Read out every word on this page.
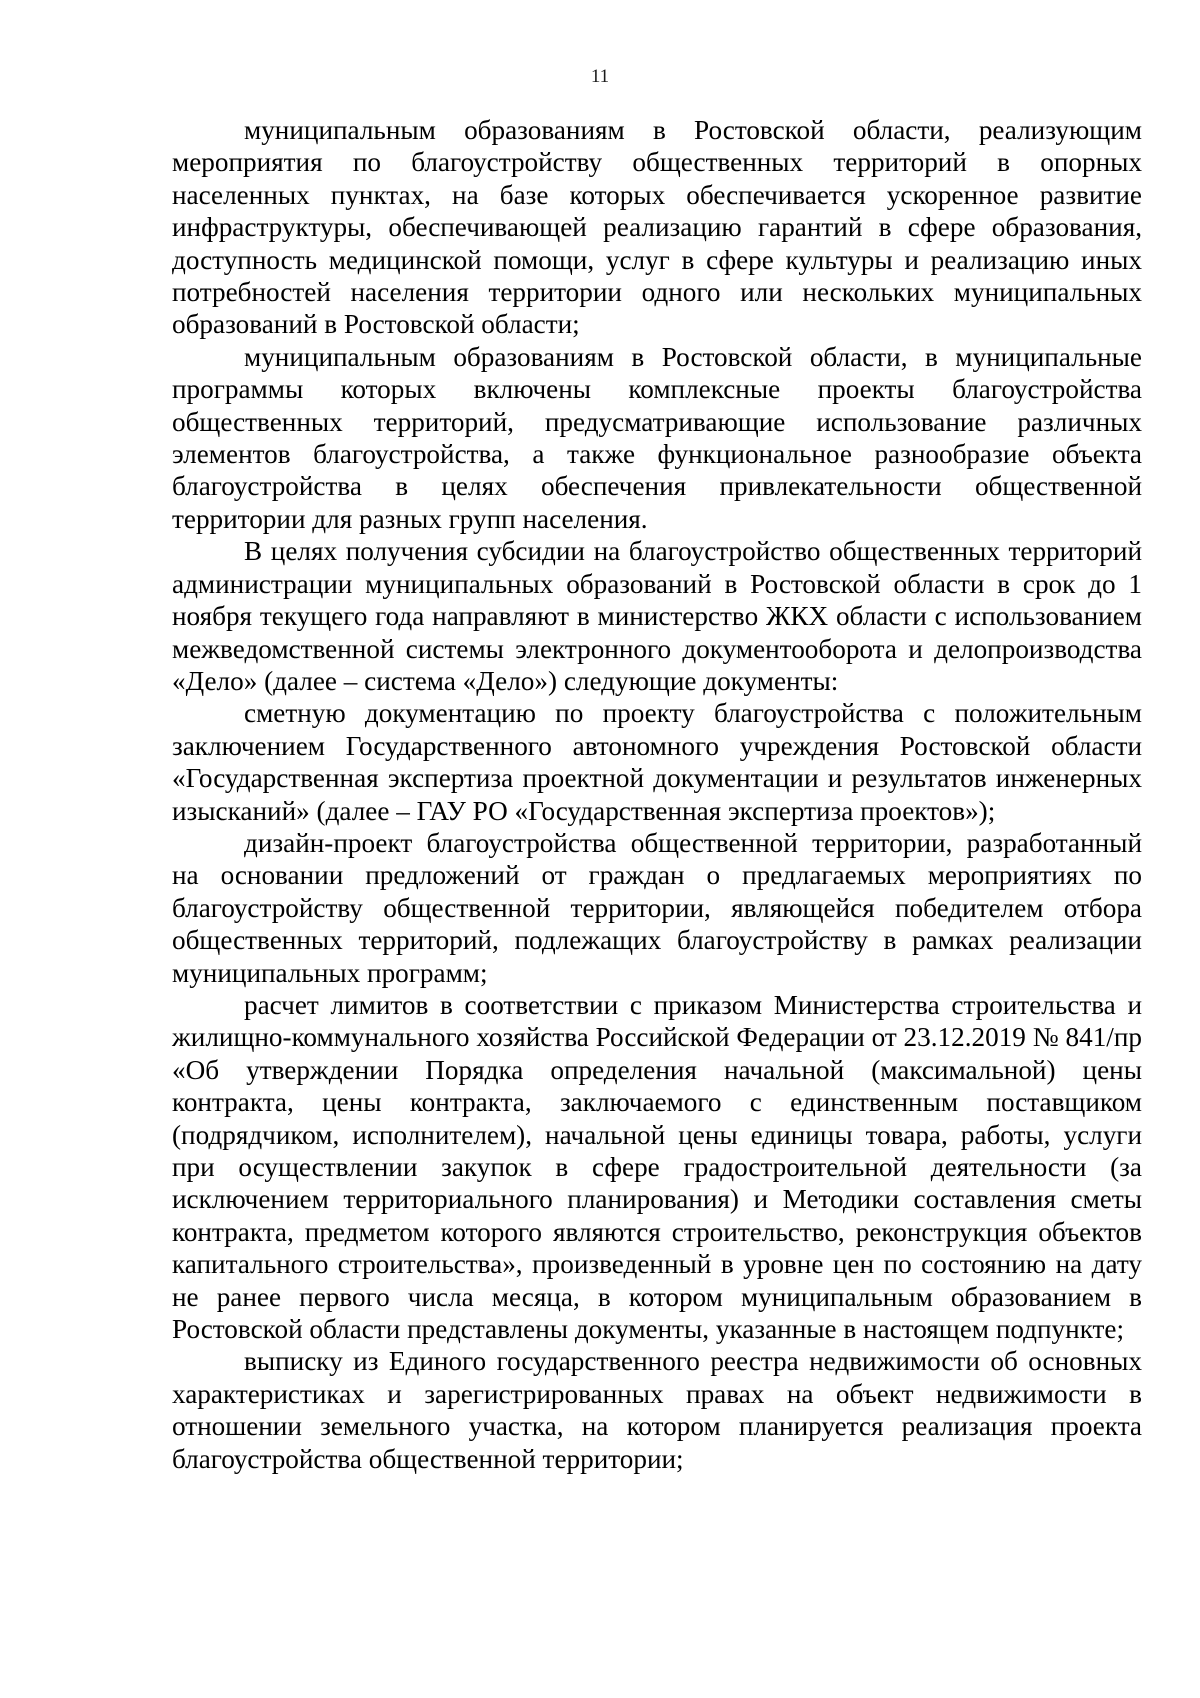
11

муниципальным образованиям в Ростовской области, реализующим мероприятия по благоустройству общественных территорий в опорных населенных пунктах, на базе которых обеспечивается ускоренное развитие инфраструктуры, обеспечивающей реализацию гарантий в сфере образования, доступность медицинской помощи, услуг в сфере культуры и реализацию иных потребностей населения территории одного или нескольких муниципальных образований в Ростовской области;

муниципальным образованиям в Ростовской области, в муниципальные программы которых включены комплексные проекты благоустройства общественных территорий, предусматривающие использование различных элементов благоустройства, а также функциональное разнообразие объекта благоустройства в целях обеспечения привлекательности общественной территории для разных групп населения.

В целях получения субсидии на благоустройство общественных территорий администрации муниципальных образований в Ростовской области в срок до 1 ноября текущего года направляют в министерство ЖКХ области с использованием межведомственной системы электронного документооборота и делопроизводства «Дело» (далее – система «Дело») следующие документы:

сметную документацию по проекту благоустройства с положительным заключением Государственного автономного учреждения Ростовской области «Государственная экспертиза проектной документации и результатов инженерных изысканий» (далее – ГАУ РО «Государственная экспертиза проектов»);

дизайн-проект благоустройства общественной территории, разработанный на основании предложений от граждан о предлагаемых мероприятиях по благоустройству общественной территории, являющейся победителем отбора общественных территорий, подлежащих благоустройству в рамках реализации муниципальных программ;

расчет лимитов в соответствии с приказом Министерства строительства и жилищно-коммунального хозяйства Российской Федерации от 23.12.2019 № 841/пр «Об утверждении Порядка определения начальной (максимальной) цены контракта, цены контракта, заключаемого с единственным поставщиком (подрядчиком, исполнителем), начальной цены единицы товара, работы, услуги при осуществлении закупок в сфере градостроительной деятельности (за исключением территориального планирования) и Методики составления сметы контракта, предметом которого являются строительство, реконструкция объектов капитального строительства», произведенный в уровне цен по состоянию на дату не ранее первого числа месяца, в котором муниципальным образованием в Ростовской области представлены документы, указанные в настоящем подпункте;

выписку из Единого государственного реестра недвижимости об основных характеристиках и зарегистрированных правах на объект недвижимости в отношении земельного участка, на котором планируется реализация проекта благоустройства общественной территории;
